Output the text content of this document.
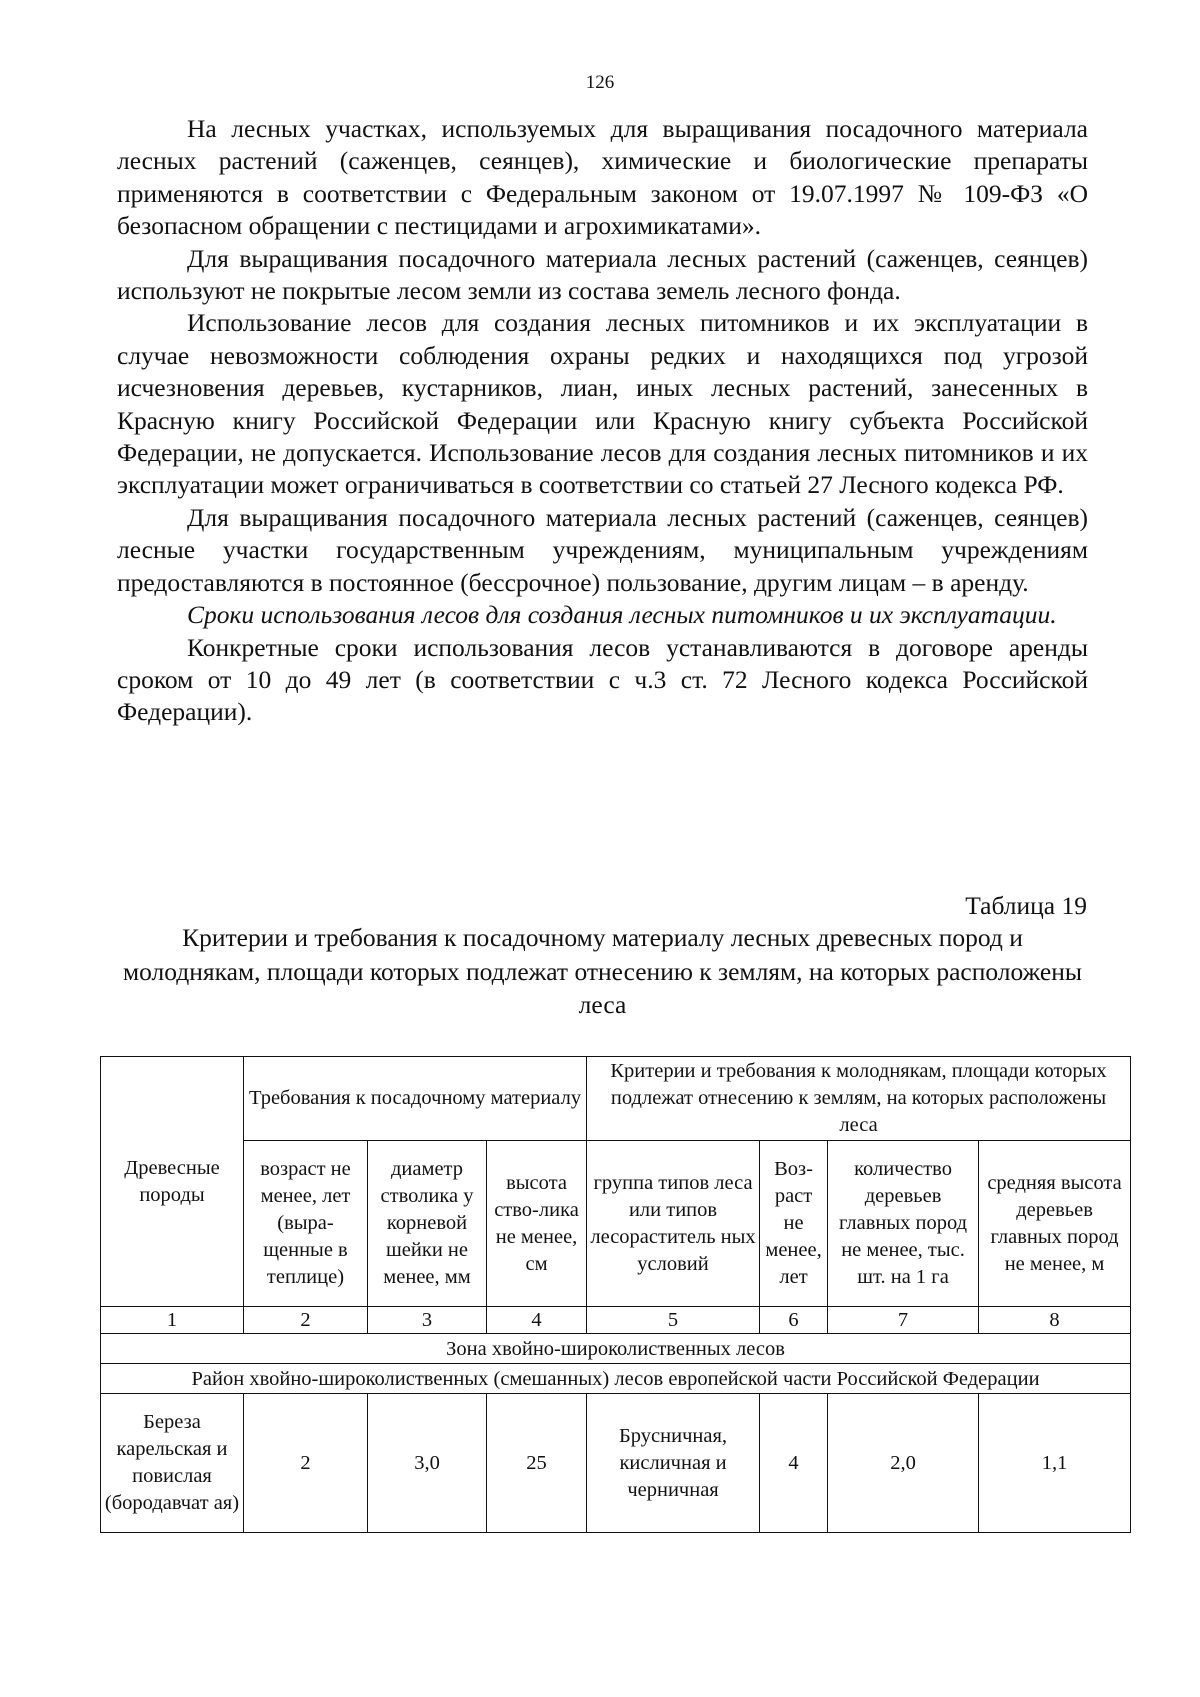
126

На лесных участках, используемых для выращивания посадочного материала лесных растений (саженцев, сеянцев), химические и биологические препараты применяются в соответствии с Федеральным законом от 19.07.1997 № 109-ФЗ «О безопасном обращении с пестицидами и агрохимикатами».

Для выращивания посадочного материала лесных растений (саженцев, сеянцев) используют не покрытые лесом земли из состава земель лесного фонда.

Использование лесов для создания лесных питомников и их эксплуатации в случае невозможности соблюдения охраны редких и находящихся под угрозой исчезновения деревьев, кустарников, лиан, иных лесных растений, занесенных в Красную книгу Российской Федерации или Красную книгу субъекта Российской Федерации, не допускается. Использование лесов для создания лесных питомников и их эксплуатации может ограничиваться в соответствии со статьей 27 Лесного кодекса РФ.

Для выращивания посадочного материала лесных растений (саженцев, сеянцев) лесные участки государственным учреждениям, муниципальным учреждениям предоставляются в постоянное (бессрочное) пользование, другим лицам – в аренду.

Сроки использования лесов для создания лесных питомников и их эксплуатации.

Конкретные сроки использования лесов устанавливаются в договоре аренды сроком от 10 до 49 лет (в соответствии с ч.3 ст. 72 Лесного кодекса Российской Федерации).

Таблица 19
Критерии и требования к посадочному материалу лесных древесных пород и молоднякам, площади которых подлежат отнесению к землям, на которых расположены леса
Древесные породы	Требования к посадочному материалу			Критерии и требования к молоднякам, площади которых подлежат отнесению к землям, на которых расположены леса			
	возраст не менее, лет (выра-щенные в теплице)	диаметр стволика у корневой шейки не менее, мм	высота ство-лика не менее, см	группа типов леса или типов лесораститель ных условий	Воз-раст не менее, лет	количество деревьев главных пород не менее, тыс. шт. на 1 га	средняя высота деревьев главных пород не менее, м
1	2	3	4	5	6	7	8
Зона хвойно-широколиственных лесов							
Район хвойно-широколиственных (смешанных) лесов европейской части Российской Федерации							
Береза карельская и повислая (бородавчат ая)	2	3,0	25	Брусничная, кисличная и черничная	4	2,0	1,1
